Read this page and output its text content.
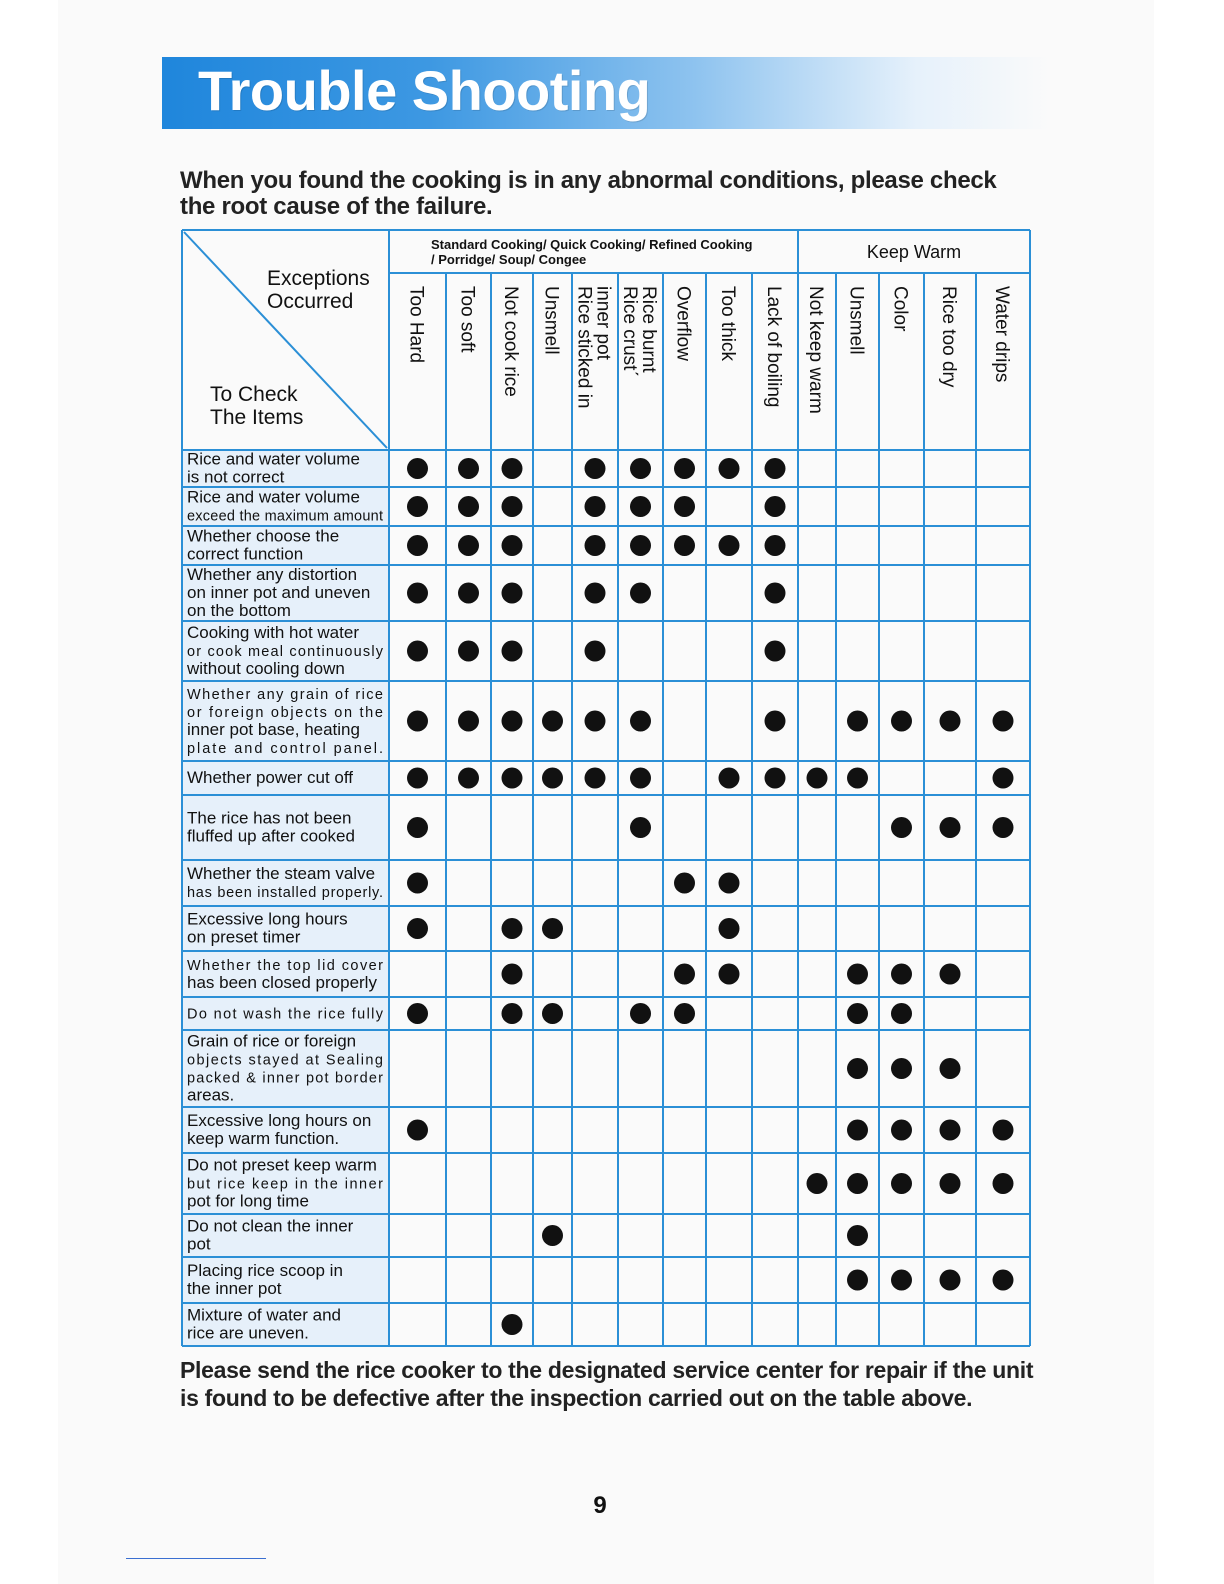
Trouble Shooting
When you found the cooking is in any abnormal conditions, please check the root cause of the failure.
Exceptions
Occurred
To Check
The Items
Standard Cooking/ Quick Cooking/ Refined Cooking
/ Porridge/ Soup/ Congee	Keep Warm
Too Hard Too soft Not cook rice Unsmell Rice sticked in
inner pot Rice crustˊ
Rice burnt Overflow Too thick Lack of boiling Not keep warm Unsmell Color Rice too dry Water drips
Rice and water volume
is not correct
Rice and water volume
exceed the maximum amount
Whether choose the
correct function
Whether any distortion
on inner pot and uneven
on the bottom
Cooking with hot water
or cook meal continuously
without cooling down
Whether any grain of rice
or foreign objects on the
inner pot base, heating
plate and control panel.
Whether power cut off
The rice has not been
fluffed up after cooked
Whether the steam valve
has been installed properly.
Excessive long hours
on preset timer
Whether the top lid cover
has been closed properly
Do not wash the rice fully
Grain of rice or foreign
objects stayed at Sealing
packed & inner pot border
areas.
Excessive long hours on
keep warm function.
Do not preset keep warm
but rice keep in the inner
pot for long time
Do not clean the inner
pot
Placing rice scoop in
the inner pot
Mixture of water and
rice are uneven.
Please send the rice cooker to the designated service center for repair if the unit is found to be defective after the inspection carried out on the table above.
9
